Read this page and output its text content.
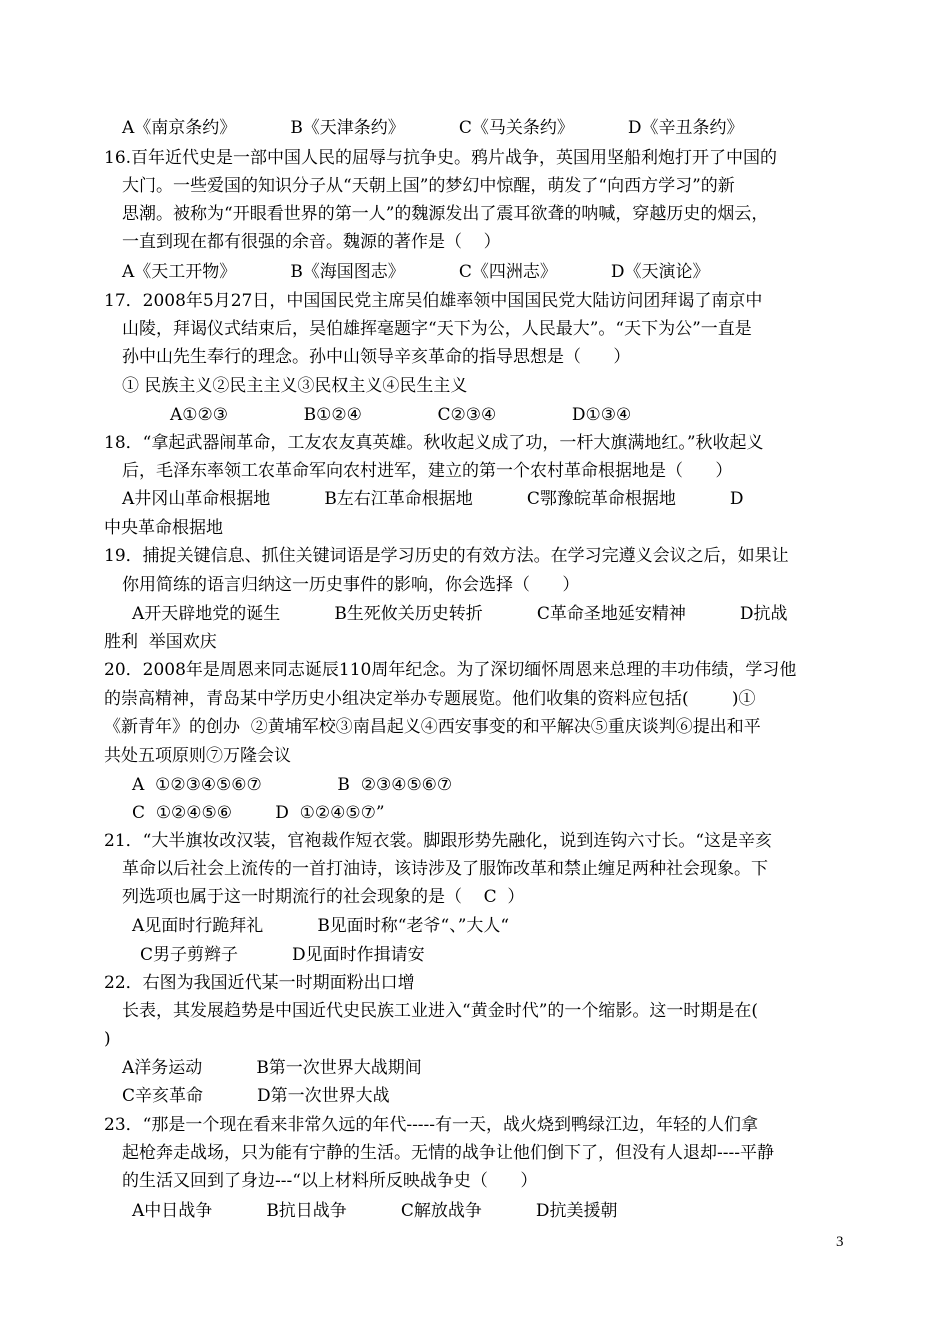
A《南京条约》          B《天津条约》          C《马关条约》          D《辛丑条约》
16.百年近代史是一部中国人民的屈辱与抗争史。鸦片战争，英国用坚船利炮打开了中国的
大门。一些爱国的知识分子从“天朝上国”的梦幻中惊醒，萌发了“向西方学习”的新
思潮。被称为“开眼看世界的第一人”的魏源发出了震耳欲聋的呐喊，穿越历史的烟云，
一直到现在都有很强的余音。魏源的著作是（    ）
A《天工开物》          B《海国图志》          C《四洲志》          D《天演论》
17．2008年5月27日，中国国民党主席吴伯雄率领中国国民党大陆访问团拜谒了南京中
山陵，拜谒仪式结束后，吴伯雄挥毫题字“天下为公，人民最大”。“天下为公”一直是
孙中山先生奉行的理念。孙中山领导辛亥革命的指导思想是（      ）
① 民族主义②民主主义③民权主义④民生主义
A①②③              B①②④              C②③④              D①③④
18．“拿起武器闹革命，工友农友真英雄。秋收起义成了功，一杆大旗满地红。”秋收起义
后，毛泽东率领工农革命军向农村进军，建立的第一个农村革命根据地是（      ）
A井冈山革命根据地          B左右江革命根据地          C鄂豫皖革命根据地          D
中央革命根据地
19．捕捉关键信息、抓住关键词语是学习历史的有效方法。在学习完遵义会议之后，如果让
你用简练的语言归纳这一历史事件的影响，你会选择（      ）
A开天辟地党的诞生          B生死攸关历史转折          C革命圣地延安精神          D抗战
胜利  举国欢庆
20．2008年是周恩来同志诞辰110周年纪念。为了深切缅怀周恩来总理的丰功伟绩，学习他
的崇高精神，青岛某中学历史小组决定举办专题展览。他们收集的资料应包括(        )①
《新青年》的创办  ②黄埔军校③南昌起义④西安事变的和平解决⑤重庆谈判⑥提出和平
共处五项原则⑦万隆会议
A  ①②③④⑤⑥⑦              B  ②③④⑤⑥⑦
C  ①②④⑤⑥        D  ①②④⑤⑦”
21．“大半旗妆改汉装，官袍裁作短衣裳。脚跟形势先融化，说到连钩六寸长。“这是辛亥
革命以后社会上流传的一首打油诗，该诗涉及了服饰改革和禁止缠足两种社会现象。下
列选项也属于这一时期流行的社会现象的是（    C  ）
A见面时行跪拜礼          B见面时称“老爷“、”大人“
C男子剪辫子          D见面时作揖请安
22．右图为我国近代某一时期面粉出口增
长表，其发展趋势是中国近代史民族工业进入“黄金时代”的一个缩影。这一时期是在(
)
A洋务运动          B第一次世界大战期间
C辛亥革命          D第一次世界大战
23．“那是一个现在看来非常久远的年代-----有一天，战火烧到鸭绿江边，年轻的人们拿
起枪奔走战场，只为能有宁静的生活。无情的战争让他们倒下了，但没有人退却----平静
的生活又回到了身边---“以上材料所反映战争史（      ）
A中日战争          B抗日战争          C解放战争          D抗美援朝
3
